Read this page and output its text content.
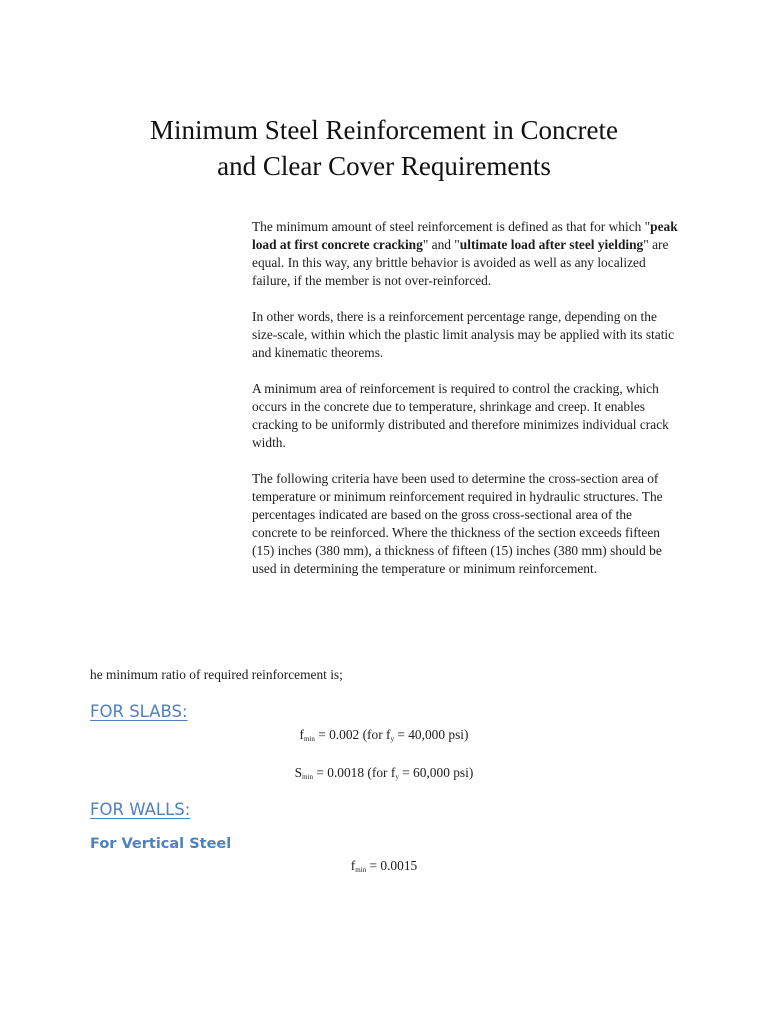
Minimum Steel Reinforcement in Concrete
and Clear Cover Requirements

The minimum amount of steel reinforcement is defined as that for which "peak load at first concrete cracking" and "ultimate load after steel yielding" are equal. In this way, any brittle behavior is avoided as well as any localized failure, if the member is not over-reinforced.

In other words, there is a reinforcement percentage range, depending on the size-scale, within which the plastic limit analysis may be applied with its static and kinematic theorems.

A minimum area of reinforcement is required to control the cracking, which occurs in the concrete due to temperature, shrinkage and creep. It enables cracking to be uniformly distributed and therefore minimizes individual crack width.

The following criteria have been used to determine the cross-section area of temperature or minimum reinforcement required in hydraulic structures. The percentages indicated are based on the gross cross-sectional area of the concrete to be reinforced. Where the thickness of the section exceeds fifteen (15) inches (380 mm), a thickness of fifteen (15) inches (380 mm) should be used in determining the temperature or minimum reinforcement.

he minimum ratio of required reinforcement is;

FOR SLABS:

$f_{min} = 0.002$ (for $f_y = 40,000$ psi)

$S_{min} = 0.0018$ (for $f_y = 60,000$ psi)

FOR WALLS:
For Vertical Steel

$f_{min} = 0.0015$
